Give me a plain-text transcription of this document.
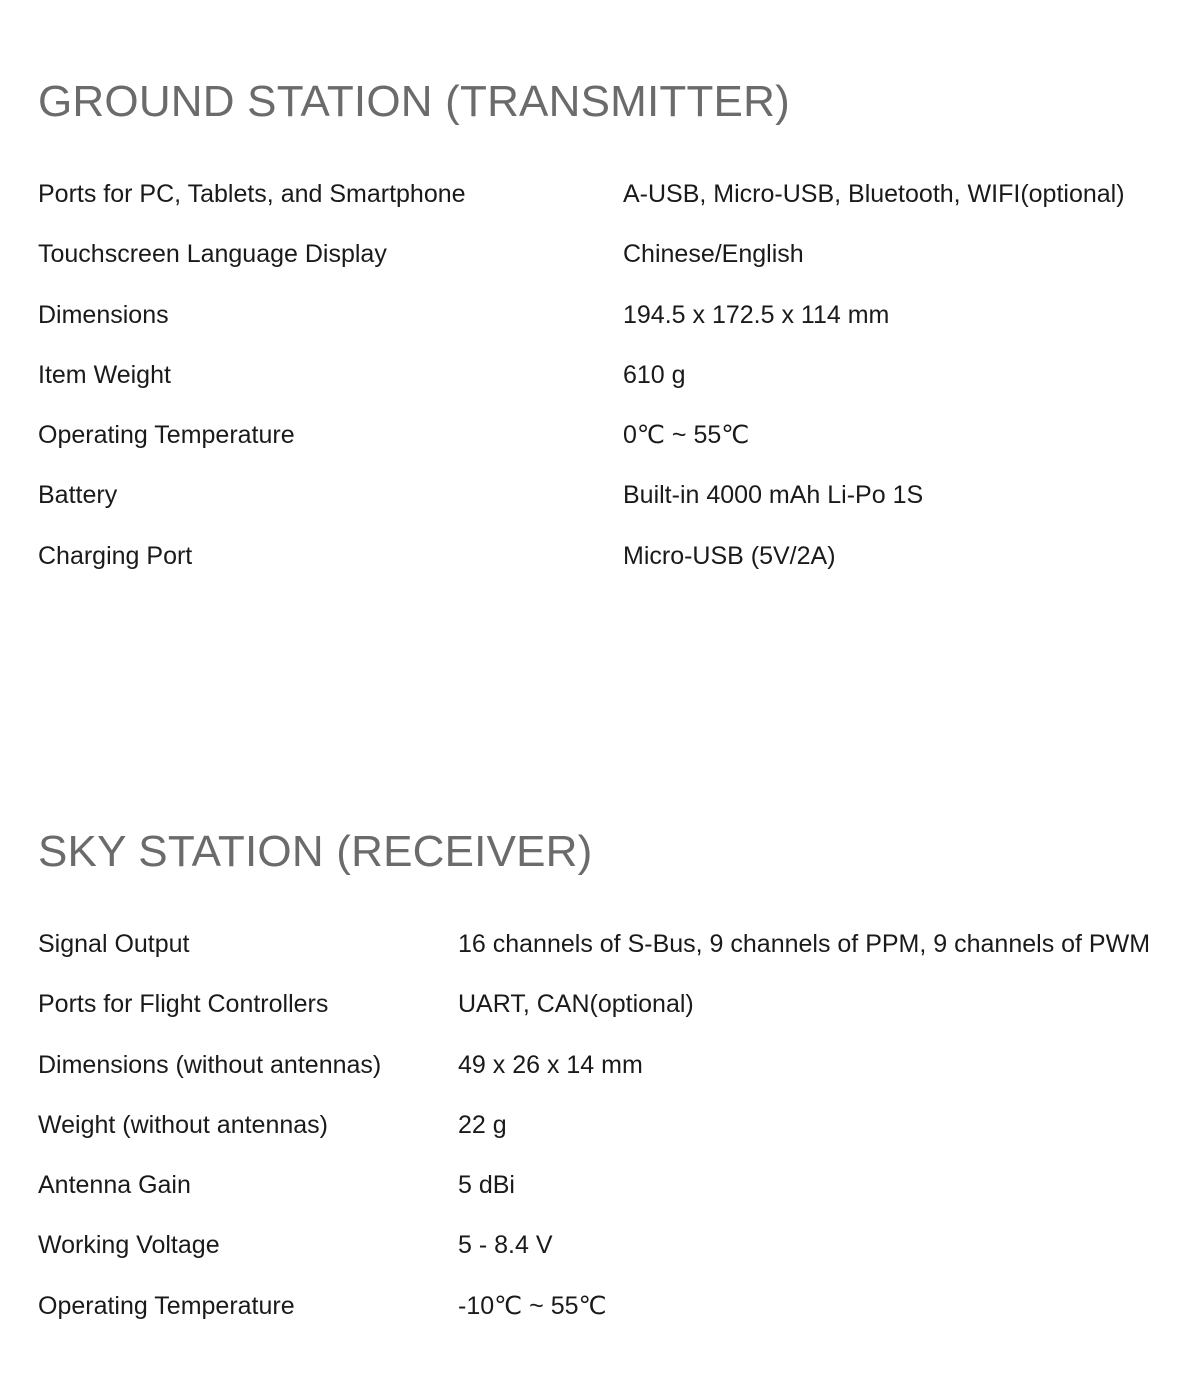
GROUND STATION (TRANSMITTER)
Ports for PC, Tablets, and Smartphone	A-USB, Micro-USB, Bluetooth, WIFI(optional)
Touchscreen Language Display	Chinese/English
Dimensions	194.5 x 172.5 x 114 mm
Item Weight	610 g
Operating Temperature	0℃ ~ 55℃
Battery	Built-in 4000 mAh Li-Po 1S
Charging Port	Micro-USB (5V/2A)
SKY STATION (RECEIVER)
Signal Output	16 channels of S-Bus, 9 channels of PPM, 9 channels of PWM
Ports for Flight Controllers	UART, CAN(optional)
Dimensions (without antennas)	49 x 26 x 14 mm
Weight (without antennas)	22 g
Antenna Gain	5 dBi
Working Voltage	5 - 8.4 V
Operating Temperature	-10℃ ~ 55℃
